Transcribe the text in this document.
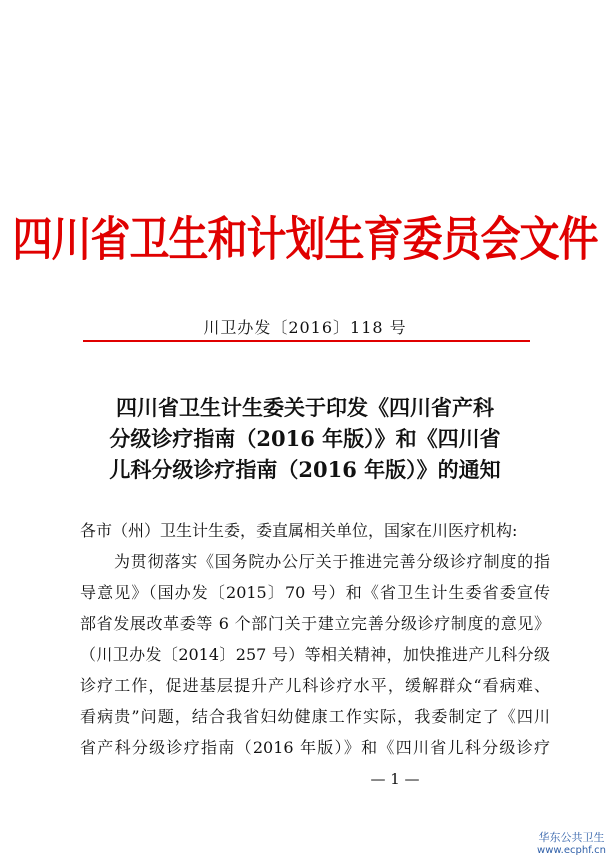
四川省卫生和计划生育委员会文件
川卫办发〔2016〕118 号
四川省卫生计生委关于印发《四川省产科
分级诊疗指南（2016 年版）》和《四川省
儿科分级诊疗指南（2016 年版）》的通知
各市（州）卫生计生委，委直属相关单位，国家在川医疗机构:
为贯彻落实《国务院办公厅关于推进完善分级诊疗制度的指
导意见》（国办发〔2015〕70 号）和《省卫生计生委省委宣传
部省发展改革委等 6 个部门关于建立完善分级诊疗制度的意见》
（川卫办发〔2014〕257 号）等相关精神，加快推进产儿科分级
诊疗工作，促进基层提升产儿科诊疗水平，缓解群众“看病难、
看病贵”问题，结合我省妇幼健康工作实际，我委制定了《四川
省产科分级诊疗指南（2016 年版）》和《四川省儿科分级诊疗
— 1 —
华东公共卫生
www.ecphf.cn
